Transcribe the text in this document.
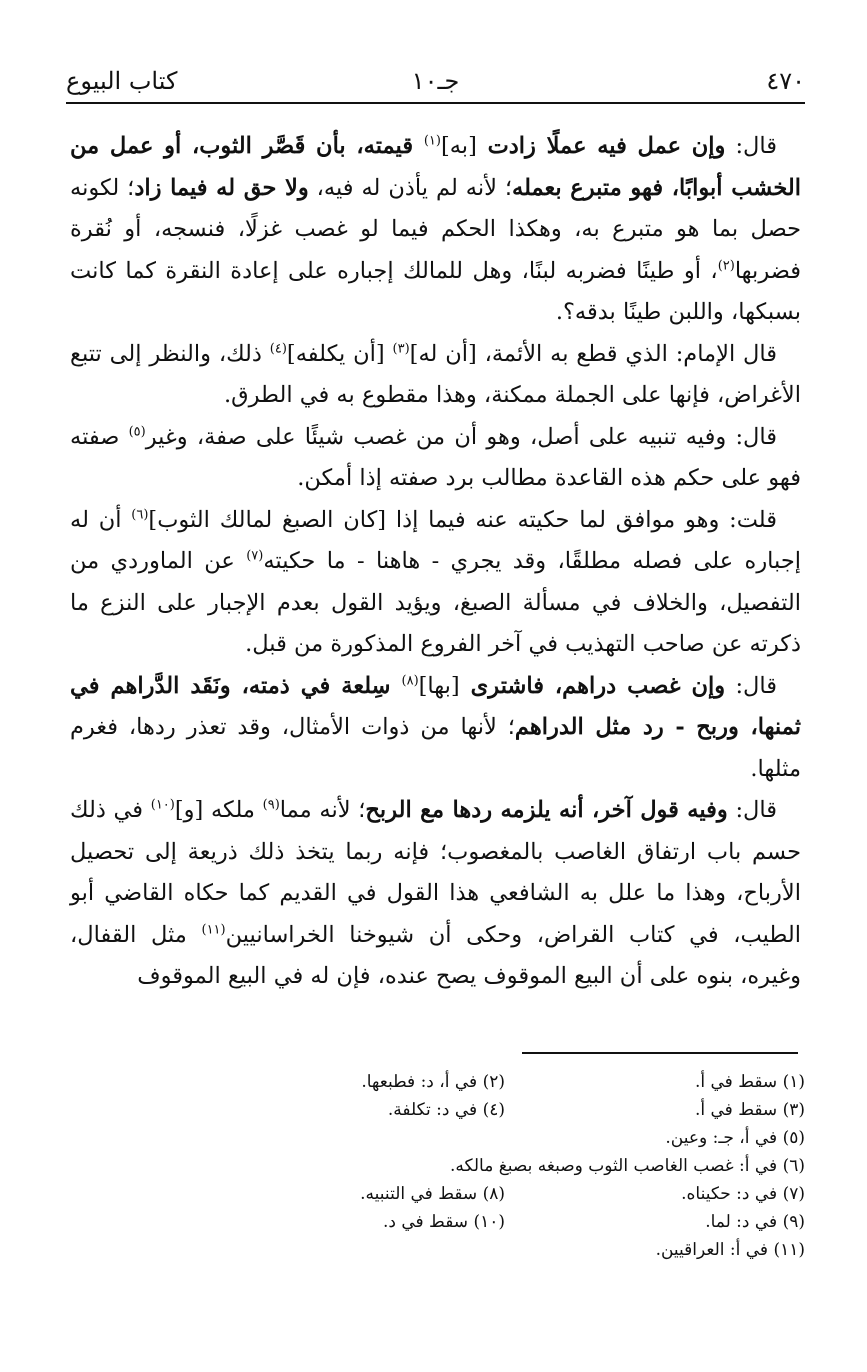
٤٧٠
جـ١٠
كتاب البيوع

قال: وإن عمل فيه عملًا زادت [به]$^{(١)}$ قيمته، بأن قَصَّر الثوب، أو عمل من الخشب أبوابًا، فهو متبرع بعمله؛ لأنه لم يأذن له فيه، ولا حق له فيما زاد؛ لكونه حصل بما هو متبرع به، وهكذا الحكم فيما لو غصب غزلًا، فنسجه، أو نُقرة فضربها$^{(٢)}$، أو طينًا فضربه لبنًا، وهل للمالك إجباره على إعادة النقرة كما كانت بسبكها، واللبن طينًا بدقه؟.

قال الإمام: الذي قطع به الأئمة، [أن له]$^{(٣)}$ [أن يكلفه]$^{(٤)}$ ذلك، والنظر إلى تتبع الأغراض، فإنها على الجملة ممكنة، وهذا مقطوع به في الطرق.

قال: وفيه تنبيه على أصل، وهو أن من غصب شيئًا على صفة، وغير$^{(٥)}$ صفته فهو على حكم هذه القاعدة مطالب برد صفته إذا أمكن.

قلت: وهو موافق لما حكيته عنه فيما إذا [كان الصبغ لمالك الثوب]$^{(٦)}$ أن له إجباره على فصله مطلقًا، وقد يجري - هاهنا - ما حكيته$^{(٧)}$ عن الماوردي من التفصيل، والخلاف في مسألة الصبغ، ويؤيد القول بعدم الإجبار على النزع ما ذكرته عن صاحب التهذيب في آخر الفروع المذكورة من قبل.

قال: وإن غصب دراهم، فاشترى [بها]$^{(٨)}$ سِلعة في ذمته، ونَقَد الدَّراهم في ثمنها، وربح - رد مثل الدراهم؛ لأنها من ذوات الأمثال، وقد تعذر ردها، فغرم مثلها.

قال: وفيه قول آخر، أنه يلزمه ردها مع الربح؛ لأنه مما$^{(٩)}$ ملكه [و]$^{(١٠)}$ في ذلك حسم باب ارتفاق الغاصب بالمغصوب؛ فإنه ربما يتخذ ذلك ذريعة إلى تحصيل الأرباح، وهذا ما علل به الشافعي هذا القول في القديم كما حكاه القاضي أبو الطيب، في كتاب القراض، وحكى أن شيوخنا الخراسانيين$^{(١١)}$ مثل القفال، وغيره، بنوه على أن البيع الموقوف يصح عنده، فإن له في البيع الموقوف

(١) سقط في أ.
(٢) في أ، د: فطبعها.
(٣) سقط في أ.
(٤) في د: تكلفة.
(٥) في أ، جـ: وعين.
(٦) في أ: غصب الغاصب الثوب وصبغه بصبغ مالكه.
(٧) في د: حكيناه.
(٨) سقط في التنبيه.
(٩) في د: لما.
(١٠) سقط في د.
(١١) في أ: العراقيين.
